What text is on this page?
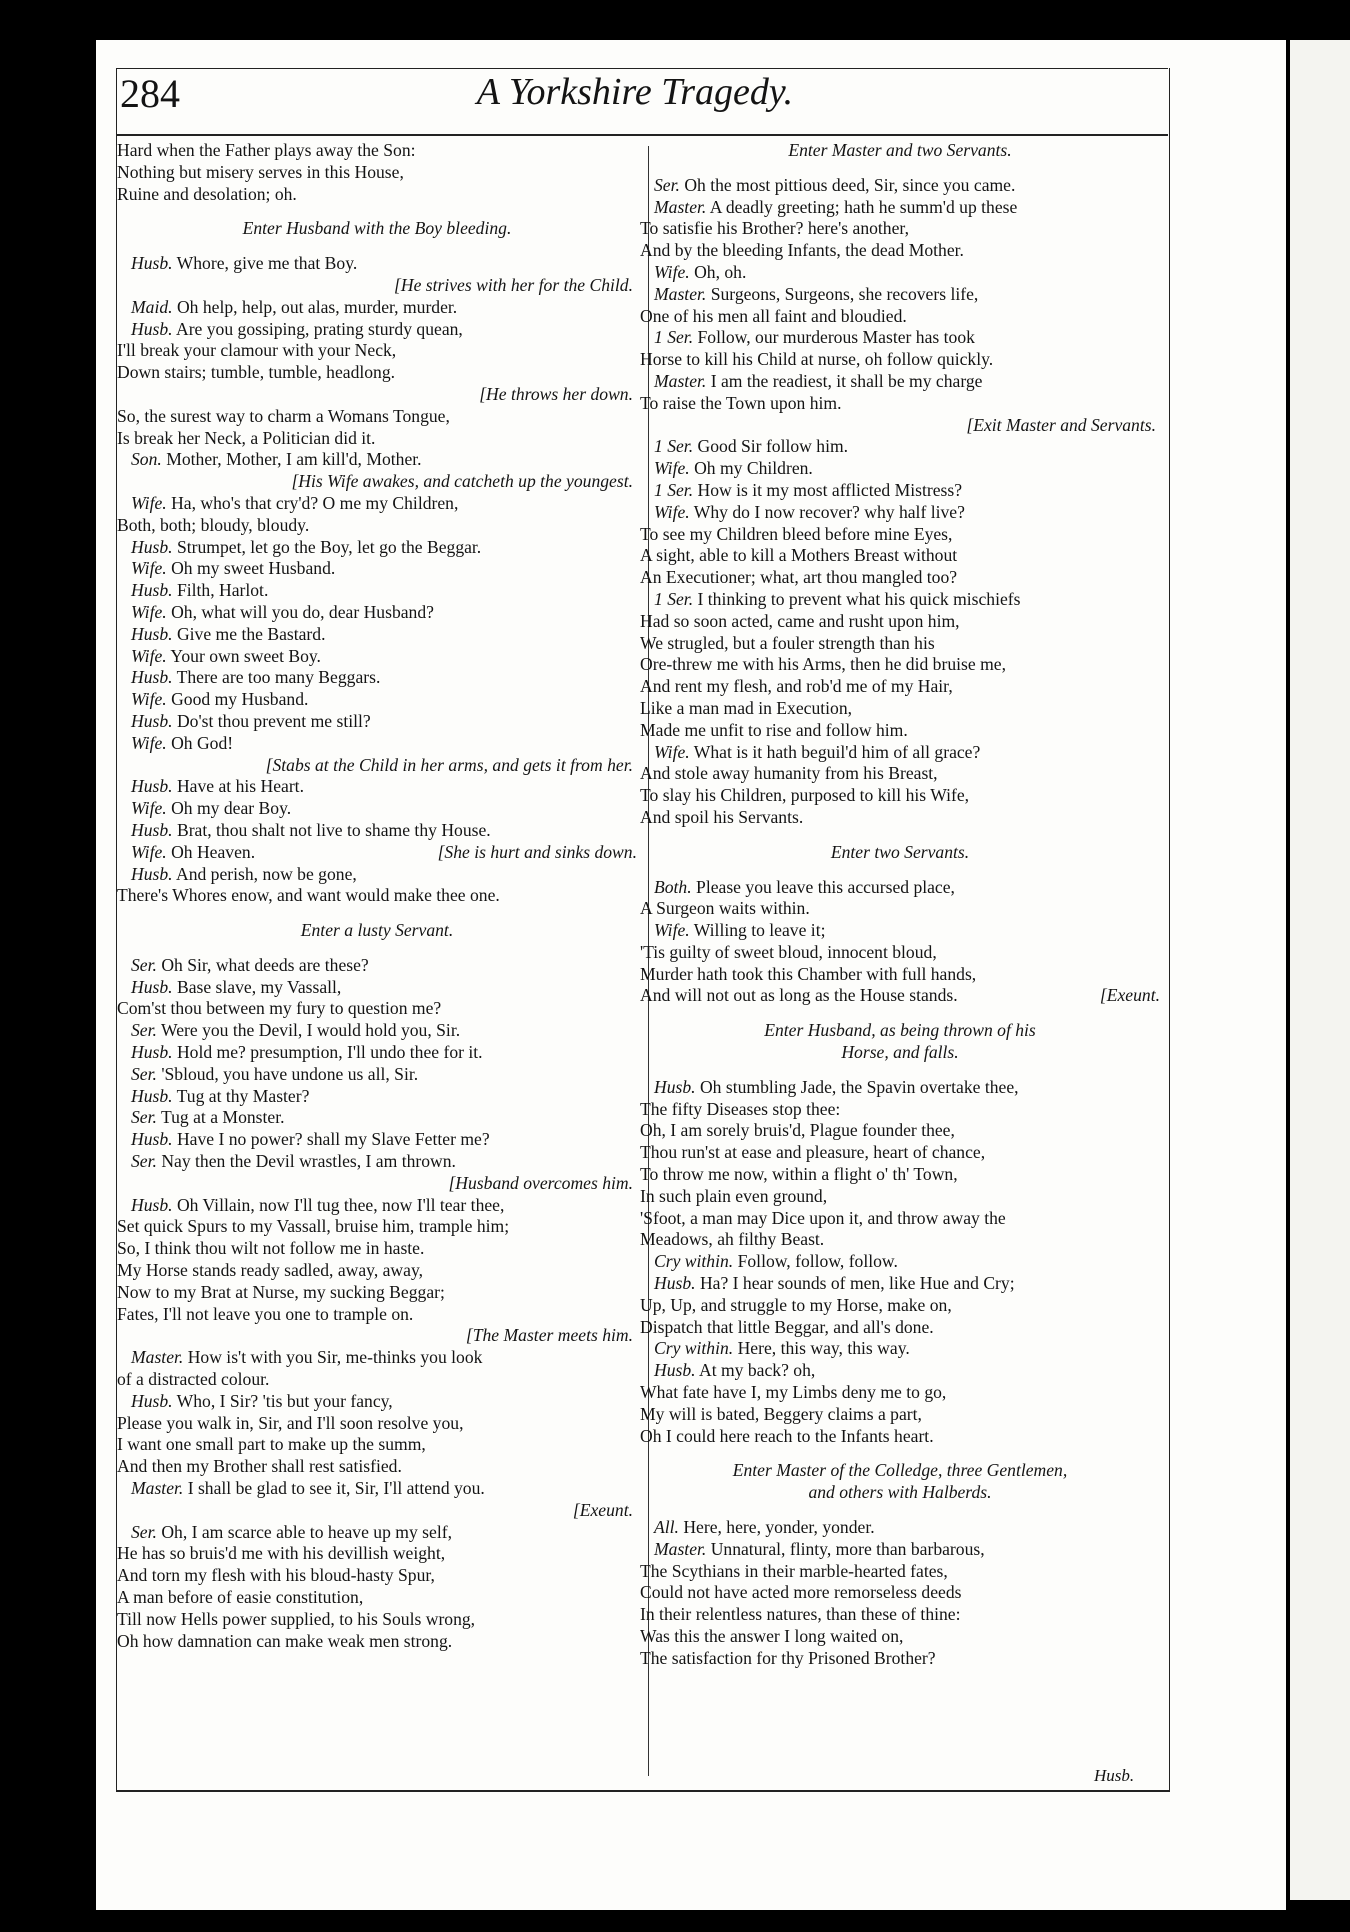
284	A Yorkshire Tragedy.
Hard when the Father plays away the Son:
Nothing but misery serves in this House,
Ruine and desolation; oh.
Enter Husband with the Boy bleeding.
Husb. Whore, give me that Boy.
[He strives with her for the Child.
Maid. Oh help, help, out alas, murder, murder.
Husb. Are you gossiping, prating sturdy quean,
I'll break your clamour with your Neck,
Down stairs; tumble, tumble, headlong.
[He throws her down.
So, the surest way to charm a Womans Tongue,
Is break her Neck, a Politician did it.
Son. Mother, Mother, I am kill'd, Mother.
[His Wife awakes, and catcheth up the youngest.
Wife. Ha, who's that cry'd? O me my Children,
Both, both; bloudy, bloudy.
Husb. Strumpet, let go the Boy, let go the Beggar.
Wife. Oh my sweet Husband.
Husb. Filth, Harlot.
Wife. Oh, what will you do, dear Husband?
Husb. Give me the Bastard.
Wife. Your own sweet Boy.
Husb. There are too many Beggars.
Wife. Good my Husband.
Husb. Do'st thou prevent me still?
Wife. Oh God!
[Stabs at the Child in her arms, and gets it from her.
Husb. Have at his Heart.
Wife. Oh my dear Boy.
Husb. Brat, thou shalt not live to shame thy House.
Wife. Oh Heaven.	[She is hurt and sinks down.
Husb. And perish, now be gone,
There's Whores enow, and want would make thee one.
Enter a lusty Servant.
Ser. Oh Sir, what deeds are these?
Husb. Base slave, my Vassall,
Com'st thou between my fury to question me?
Ser. Were you the Devil, I would hold you, Sir.
Husb. Hold me? presumption, I'll undo thee for it.
Ser. 'Sbloud, you have undone us all, Sir.
Husb. Tug at thy Master?
Ser. Tug at a Monster.
Husb. Have I no power? shall my Slave Fetter me?
Ser. Nay then the Devil wrastles, I am thrown.
[Husband overcomes him.
Husb. Oh Villain, now I'll tug thee, now I'll tear thee,
Set quick Spurs to my Vassall, bruise him, trample him;
So, I think thou wilt not follow me in haste.
My Horse stands ready sadled, away, away,
Now to my Brat at Nurse, my sucking Beggar;
Fates, I'll not leave you one to trample on.
[The Master meets him.
Master. How is't with you Sir, me-thinks you look
of a distracted colour.
Husb. Who, I Sir? 'tis but your fancy,
Please you walk in, Sir, and I'll soon resolve you,
I want one small part to make up the summ,
And then my Brother shall rest satisfied.
Master. I shall be glad to see it, Sir, I'll attend you.
[Exeunt.
Ser. Oh, I am scarce able to heave up my self,
He has so bruis'd me with his devillish weight,
And torn my flesh with his bloud-hasty Spur,
A man before of easie constitution,
Till now Hells power supplied, to his Souls wrong,
Oh how damnation can make weak men strong.
Enter Master and two Servants.
Ser. Oh the most pittious deed, Sir, since you came.
Master. A deadly greeting; hath he summ'd up these
To satisfie his Brother? here's another,
And by the bleeding Infants, the dead Mother.
Wife. Oh, oh.
Master. Surgeons, Surgeons, she recovers life,
One of his men all faint and bloudied.
1 Ser. Follow, our murderous Master has took
Horse to kill his Child at nurse, oh follow quickly.
Master. I am the readiest, it shall be my charge
To raise the Town upon him.
[Exit Master and Servants.
1 Ser. Good Sir follow him.
Wife. Oh my Children.
1 Ser. How is it my most afflicted Mistress?
Wife. Why do I now recover? why half live?
To see my Children bleed before mine Eyes,
A sight, able to kill a Mothers Breast without
An Executioner; what, art thou mangled too?
1 Ser. I thinking to prevent what his quick mischiefs
Had so soon acted, came and rusht upon him,
We strugled, but a fouler strength than his
Ore-threw me with his Arms, then he did bruise me,
And rent my flesh, and rob'd me of my Hair,
Like a man mad in Execution,
Made me unfit to rise and follow him.
Wife. What is it hath beguil'd him of all grace?
And stole away humanity from his Breast,
To slay his Children, purposed to kill his Wife,
And spoil his Servants.
Enter two Servants.
Both. Please you leave this accursed place,
A Surgeon waits within.
Wife. Willing to leave it;
'Tis guilty of sweet bloud, innocent bloud,
Murder hath took this Chamber with full hands,
And will not out as long as the House stands.	[Exeunt.
Enter Husband, as being thrown of his
Horse, and falls.
Husb. Oh stumbling Jade, the Spavin overtake thee,
The fifty Diseases stop thee:
Oh, I am sorely bruis'd, Plague founder thee,
Thou run'st at ease and pleasure, heart of chance,
To throw me now, within a flight o' th' Town,
In such plain even ground,
'Sfoot, a man may Dice upon it, and throw away the
Meadows, ah filthy Beast.
Cry within. Follow, follow, follow.
Husb. Ha? I hear sounds of men, like Hue and Cry;
Up, Up, and struggle to my Horse, make on,
Dispatch that little Beggar, and all's done.
Cry within. Here, this way, this way.
Husb. At my back? oh,
What fate have I, my Limbs deny me to go,
My will is bated, Beggery claims a part,
Oh I could here reach to the Infants heart.
Enter Master of the Colledge, three Gentlemen,
and others with Halberds.
All. Here, here, yonder, yonder.
Master. Unnatural, flinty, more than barbarous,
The Scythians in their marble-hearted fates,
Could not have acted more remorseless deeds
In their relentless natures, than these of thine:
Was this the answer I long waited on,
The satisfaction for thy Prisoned Brother?
Husb.
